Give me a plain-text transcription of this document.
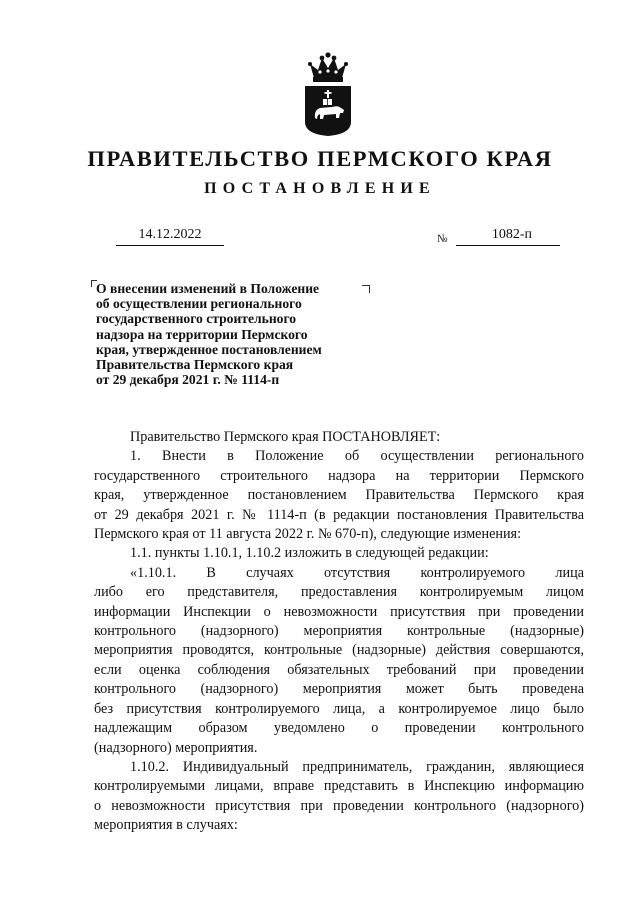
ПРАВИТЕЛЬСТВО ПЕРМСКОГО КРАЯ
ПОСТАНОВЛЕНИЕ
14.12.2022	№	1082-п
О внесении изменений в Положение
об осуществлении регионального
государственного строительного
надзора на территории Пермского
края, утвержденное постановлением
Правительства Пермского края
от 29 декабря 2021 г. № 1114-п
Правительство Пермского края ПОСТАНОВЛЯЕТ:
1. Внести в Положение об осуществлении регионального
государственного строительного надзора на территории Пермского
края, утвержденное постановлением Правительства Пермского края
от 29 декабря 2021 г. № 1114-п (в редакции постановления Правительства
Пермского края от 11 августа 2022 г. № 670-п), следующие изменения:
1.1. пункты 1.10.1, 1.10.2 изложить в следующей редакции:
«1.10.1. В случаях отсутствия контролируемого лица
либо его представителя, предоставления контролируемым лицом
информации Инспекции о невозможности присутствия при проведении
контрольного (надзорного) мероприятия контрольные (надзорные)
мероприятия проводятся, контрольные (надзорные) действия совершаются,
если оценка соблюдения обязательных требований при проведении
контрольного (надзорного) мероприятия может быть проведена
без присутствия контролируемого лица, а контролируемое лицо было
надлежащим образом уведомлено о проведении контрольного
(надзорного) мероприятия.
1.10.2. Индивидуальный предприниматель, гражданин, являющиеся
контролируемыми лицами, вправе представить в Инспекцию информацию
о невозможности присутствия при проведении контрольного (надзорного)
мероприятия в случаях:
